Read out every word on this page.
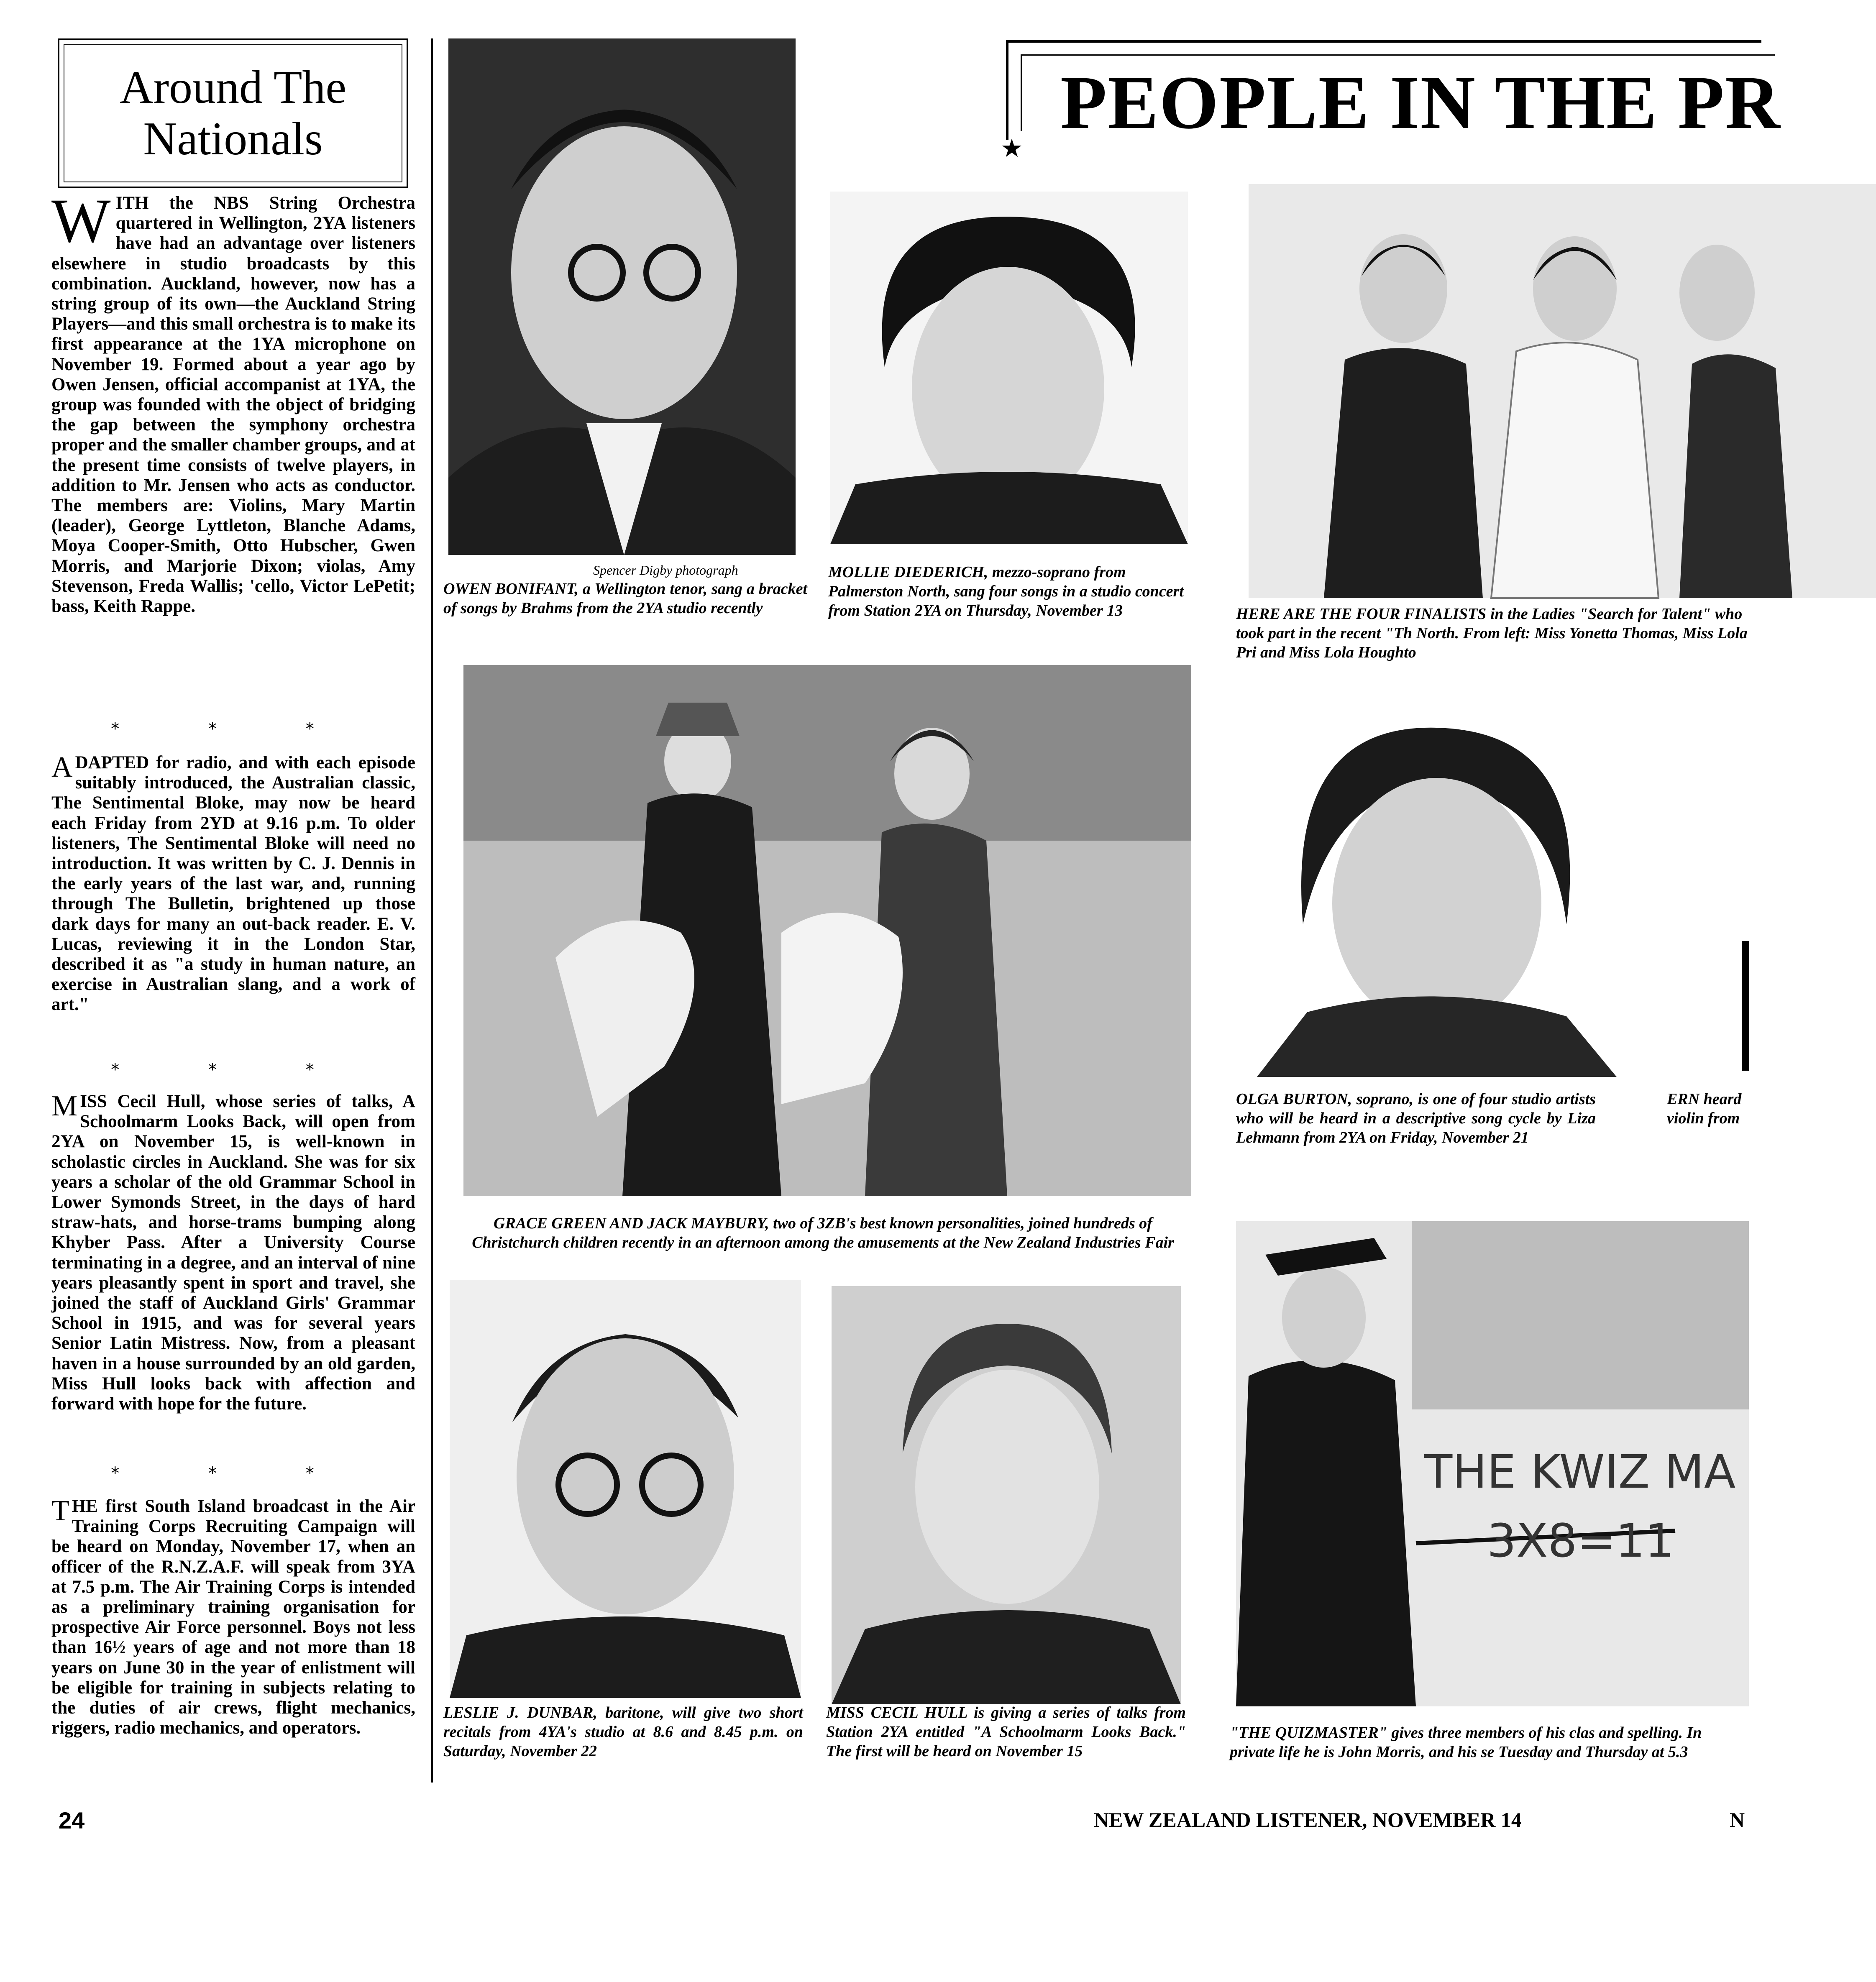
Around The
Nationals
W ITH the NBS String Orchestra quartered in Wellington, 2YA listeners have had an advantage over listeners elsewhere in studio broadcasts by this combination. Auckland, however, now has a string group of its own—the Auckland String Players—and this small orchestra is to make its first appearance at the 1YA microphone on November 19. Formed about a year ago by Owen Jensen, official accompanist at 1YA, the group was founded with the object of bridging the gap between the symphony orchestra proper and the smaller chamber groups, and at the present time consists of twelve players, in addition to Mr. Jensen who acts as conductor. The members are: Violins, Mary Martin (leader), George Lyttleton, Blanche Adams, Moya Cooper-Smith, Otto Hubscher, Gwen Morris, and Marjorie Dixon; violas, Amy Stevenson, Freda Wallis; 'cello, Victor LePetit; bass, Keith Rappe.
* * *
A DAPTED for radio, and with each episode suitably introduced, the Australian classic, The Sentimental Bloke, may now be heard each Friday from 2YD at 9.16 p.m. To older listeners, The Sentimental Bloke will need no introduction. It was written by C. J. Dennis in the early years of the last war, and, running through The Bulletin, brightened up those dark days for many an out-back reader. E. V. Lucas, reviewing it in the London Star, described it as "a study in human nature, an exercise in Australian slang, and a work of art."
* * *
M ISS Cecil Hull, whose series of talks, A Schoolmarm Looks Back, will open from 2YA on November 15, is well-known in scholastic circles in Auckland. She was for six years a scholar of the old Grammar School in Lower Symonds Street, in the days of hard straw-hats, and horse-trams bumping along Khyber Pass. After a University Course terminating in a degree, and an interval of nine years pleasantly spent in sport and travel, she joined the staff of Auckland Girls' Grammar School in 1915, and was for several years Senior Latin Mistress. Now, from a pleasant haven in a house surrounded by an old garden, Miss Hull looks back with affection and forward with hope for the future.
* * *
T HE first South Island broadcast in the Air Training Corps Recruiting Campaign will be heard on Monday, November 17, when an officer of the R.N.Z.A.F. will speak from 3YA at 7.5 p.m. The Air Training Corps is intended as a preliminary training organisation for prospective Air Force personnel. Boys not less than 16½ years of age and not more than 18 years on June 30 in the year of enlistment will be eligible for training in subjects relating to the duties of air crews, flight mechanics, riggers, radio mechanics, and operators.
PEOPLE IN THE PR
★
Spencer Digby photograph
OWEN BONIFANT, a Wellington tenor, sang a bracket of songs by Brahms from the 2YA studio recently
MOLLIE DIEDERICH, mezzo-soprano from Palmerston North, sang four songs in a studio concert from Station 2YA on Thursday, November 13	HERE ARE THE FOUR FINALISTS in the Ladies "Search for Talent" who took part in the recent "Th North. From left: Miss Yonetta Thomas, Miss Lola Pri and Miss Lola Houghto
GRACE GREEN AND JACK MAYBURY, two of 3ZB's best known personalities, joined hundreds of Christchurch children recently in an afternoon among the amusements at the New Zealand Industries Fair
OLGA BURTON, soprano, is one of four studio artists who will be heard in a descriptive song cycle by Liza Lehmann from 2YA on Friday, November 21
ERN heard violin from
LESLIE J. DUNBAR, baritone, will give two short recitals from 4YA's studio at 8.6 and 8.45 p.m. on Saturday, November 22
MISS CECIL HULL is giving a series of talks from Station 2YA entitled "A Schoolmarm Looks Back." The first will be heard on November 15
THE KWIZ MA
3X8=11
"THE QUIZMASTER" gives three members of his clas and spelling. In private life he is John Morris, and his se Tuesday and Thursday at 5.3
24	NEW ZEALAND LISTENER, NOVEMBER 14	N
